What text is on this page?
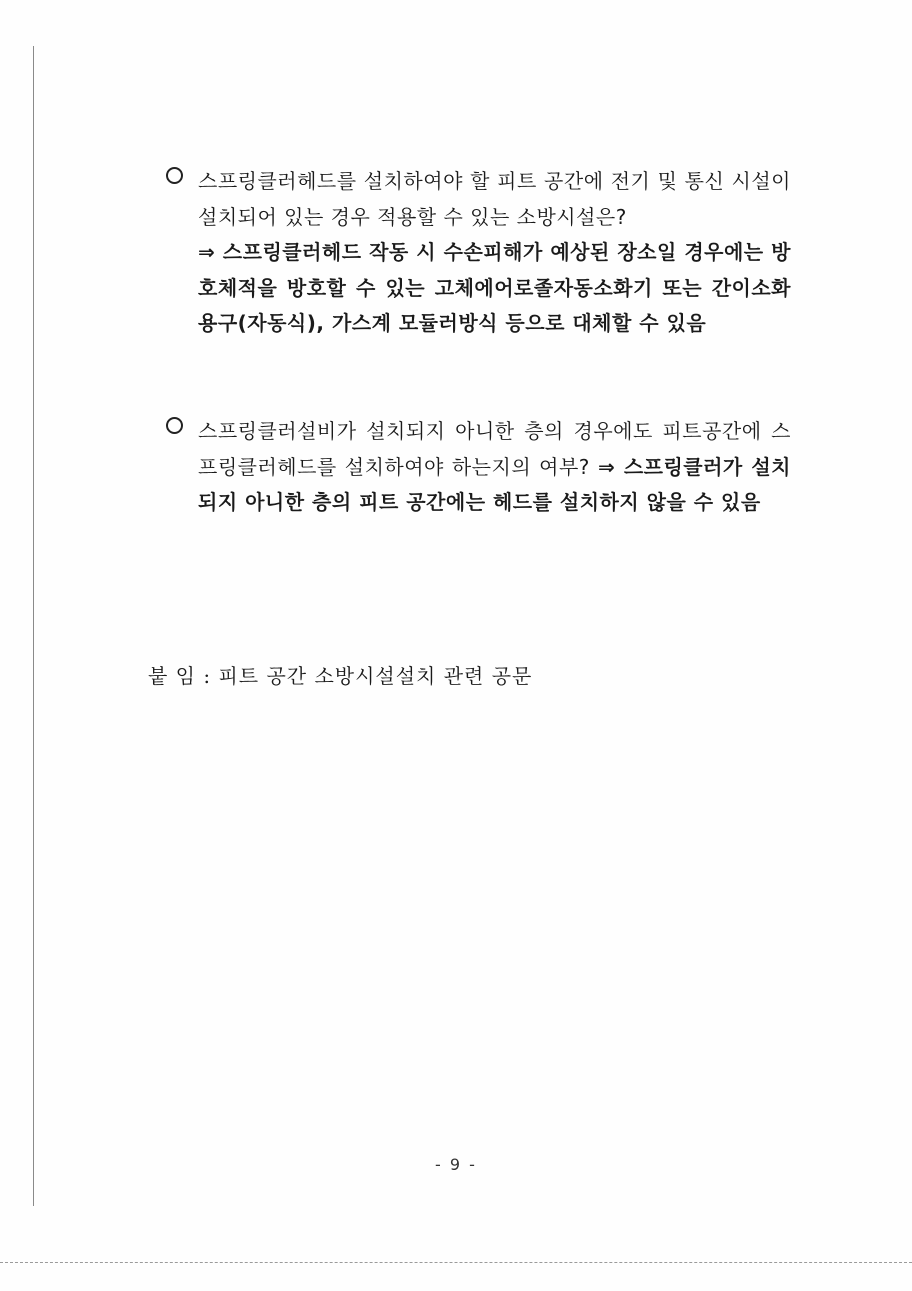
스프링클러헤드를 설치하여야 할 피트 공간에 전기 및 통신 시설이 설치되어 있는 경우 적용할 수 있는 소방시설은?
⇒ 스프링클러헤드 작동 시 수손피해가 예상된 장소일 경우에는 방호체적을 방호할 수 있는 고체에어로졸자동소화기 또는 간이소화용구(자동식), 가스계 모듈러방식 등으로 대체할 수 있음
스프링클러설비가 설치되지 아니한 층의 경우에도 피트공간에 스프링클러헤드를 설치하여야 하는지의 여부? ⇒ 스프링클러가 설치되지 아니한 층의 피트 공간에는 헤드를 설치하지 않을 수 있음
붙 임 : 피트 공간 소방시설설치 관련 공문
- 9 -
